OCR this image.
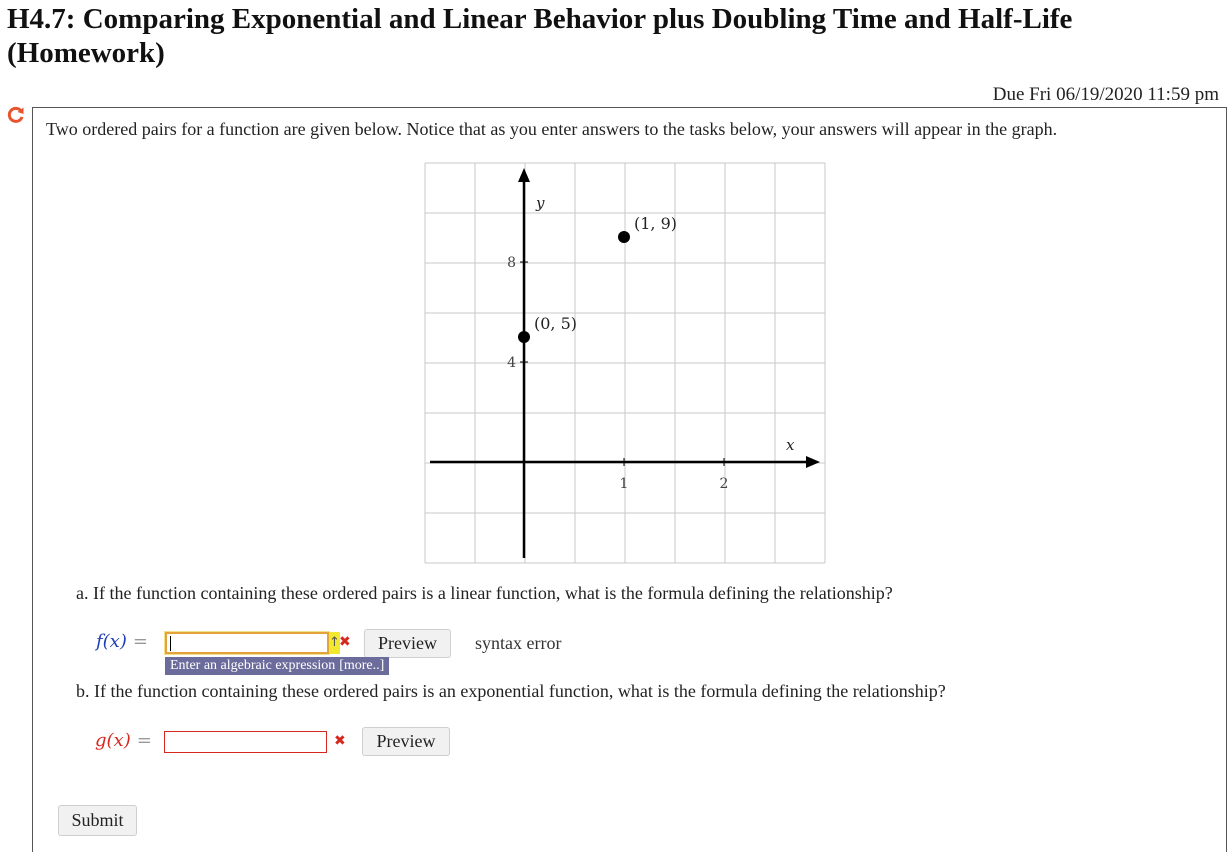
H4.7: Comparing Exponential and Linear Behavior plus Doubling Time and Half-Life (Homework)
Due Fri 06/19/2020 11:59 pm
Two ordered pairs for a function are given below. Notice that as you enter answers to the tasks below, your answers will appear in the graph.
x
y
1	2
4
8
(0, 5)
(1, 9)
a. If the function containing these ordered pairs is a linear function, what is the formula defining the relationship?
f(x) =	↑ ✖	Preview	syntax error
Enter an algebraic expression [more..]
b. If the function containing these ordered pairs is an exponential function, what is the formula defining the relationship?
g(x) =	✖	Preview
Submit
